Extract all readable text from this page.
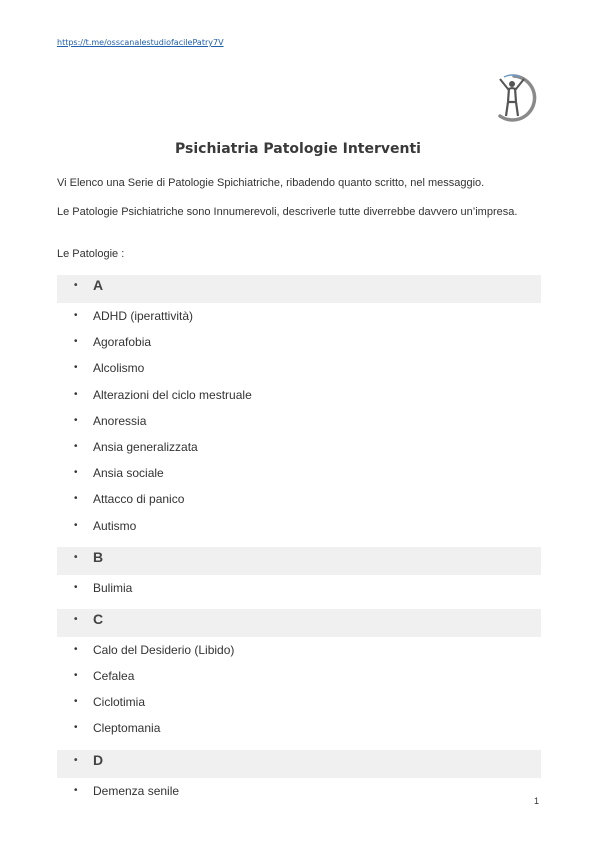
https://t.me/osscanalestudiofacilePatry7V
Psichiatria Patologie Interventi
Vi Elenco una Serie di Patologie Spichiatriche, ribadendo quanto scritto, nel messaggio.
Le Patologie Psichiatriche sono Innumerevoli, descriverle tutte diverrebbe davvero un’impresa.
Le Patologie :
• A
• ADHD (iperattività)
• Agorafobia
• Alcolismo
• Alterazioni del ciclo mestruale
• Anoressia
• Ansia generalizzata
• Ansia sociale
• Attacco di panico
• Autismo
• B
• Bulimia
• C
• Calo del Desiderio (Libido)
• Cefalea
• Ciclotimia
• Cleptomania
• D
• Demenza senile
1
